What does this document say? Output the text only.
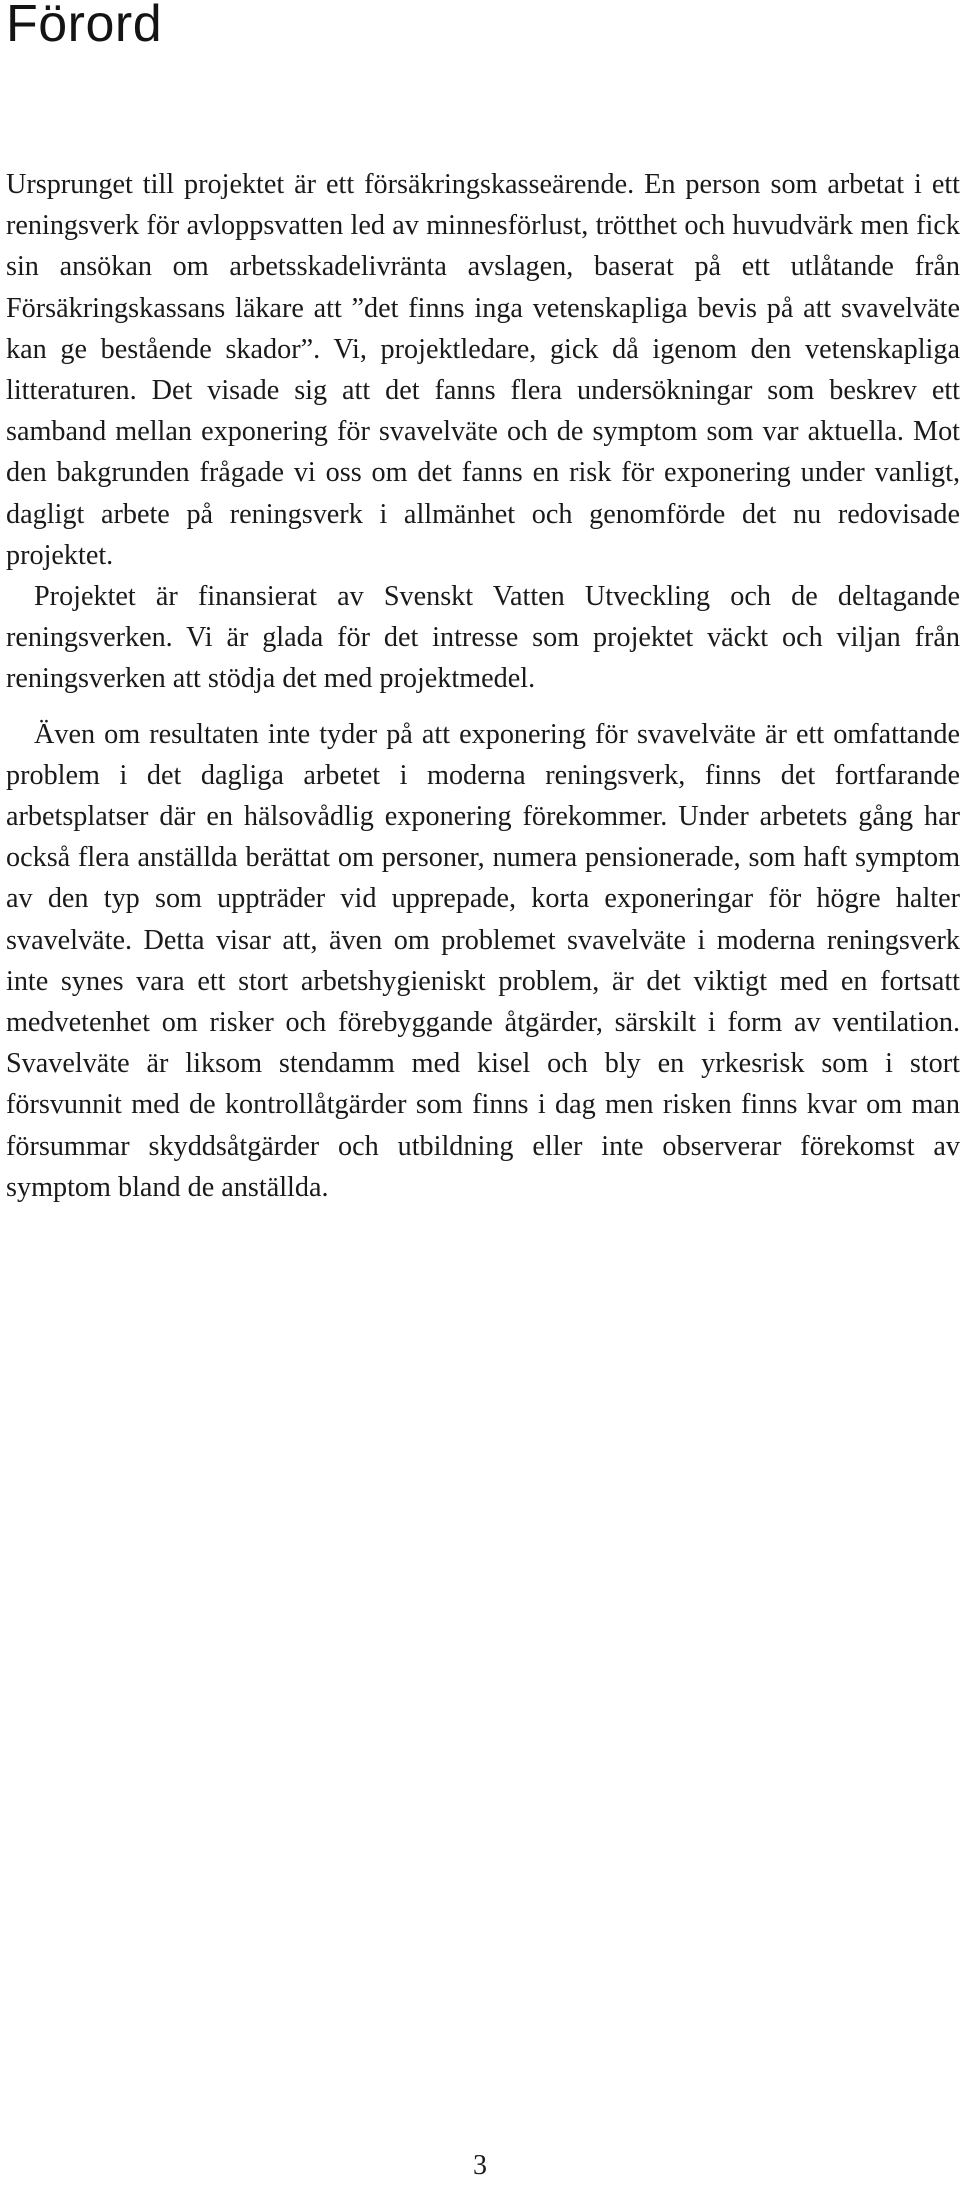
Förord

Ursprunget till projektet är ett försäkringskasseärende. En person som arbetat i ett reningsverk för avloppsvatten led av minnesförlust, trötthet och huvudvärk men fick sin ansökan om arbetsskadelivränta avslagen, baserat på ett utlåtande från Försäkringskassans läkare att ”det finns inga vetenskapliga bevis på att svavelväte kan ge bestående skador”. Vi, projektledare, gick då igenom den vetenskapliga litteraturen. Det visade sig att det fanns flera undersökningar som beskrev ett samband mellan exponering för svavelväte och de symptom som var aktuella. Mot den bakgrunden frågade vi oss om det fanns en risk för exponering under vanligt, dagligt arbete på reningsverk i allmänhet och genomförde det nu redovisade projektet.

Projektet är finansierat av Svenskt Vatten Utveckling och de deltagande reningsverken. Vi är glada för det intresse som projektet väckt och viljan från reningsverken att stödja det med projektmedel.

Även om resultaten inte tyder på att exponering för svavelväte är ett omfattande problem i det dagliga arbetet i moderna reningsverk, finns det fortfarande arbetsplatser där en hälsovådlig exponering förekommer. Under arbetets gång har också flera anställda berättat om personer, numera pensionerade, som haft symptom av den typ som uppträder vid upprepade, korta exponeringar för högre halter svavelväte. Detta visar att, även om problemet svavelväte i moderna reningsverk inte synes vara ett stort arbetshygieniskt problem, är det viktigt med en fortsatt medvetenhet om risker och förebyggande åtgärder, särskilt i form av ventilation. Svavelväte är liksom stendamm med kisel och bly en yrkesrisk som i stort försvunnit med de kontrollåtgärder som finns i dag men risken finns kvar om man försummar skyddsåtgärder och utbildning eller inte observerar förekomst av symptom bland de anställda.

3
